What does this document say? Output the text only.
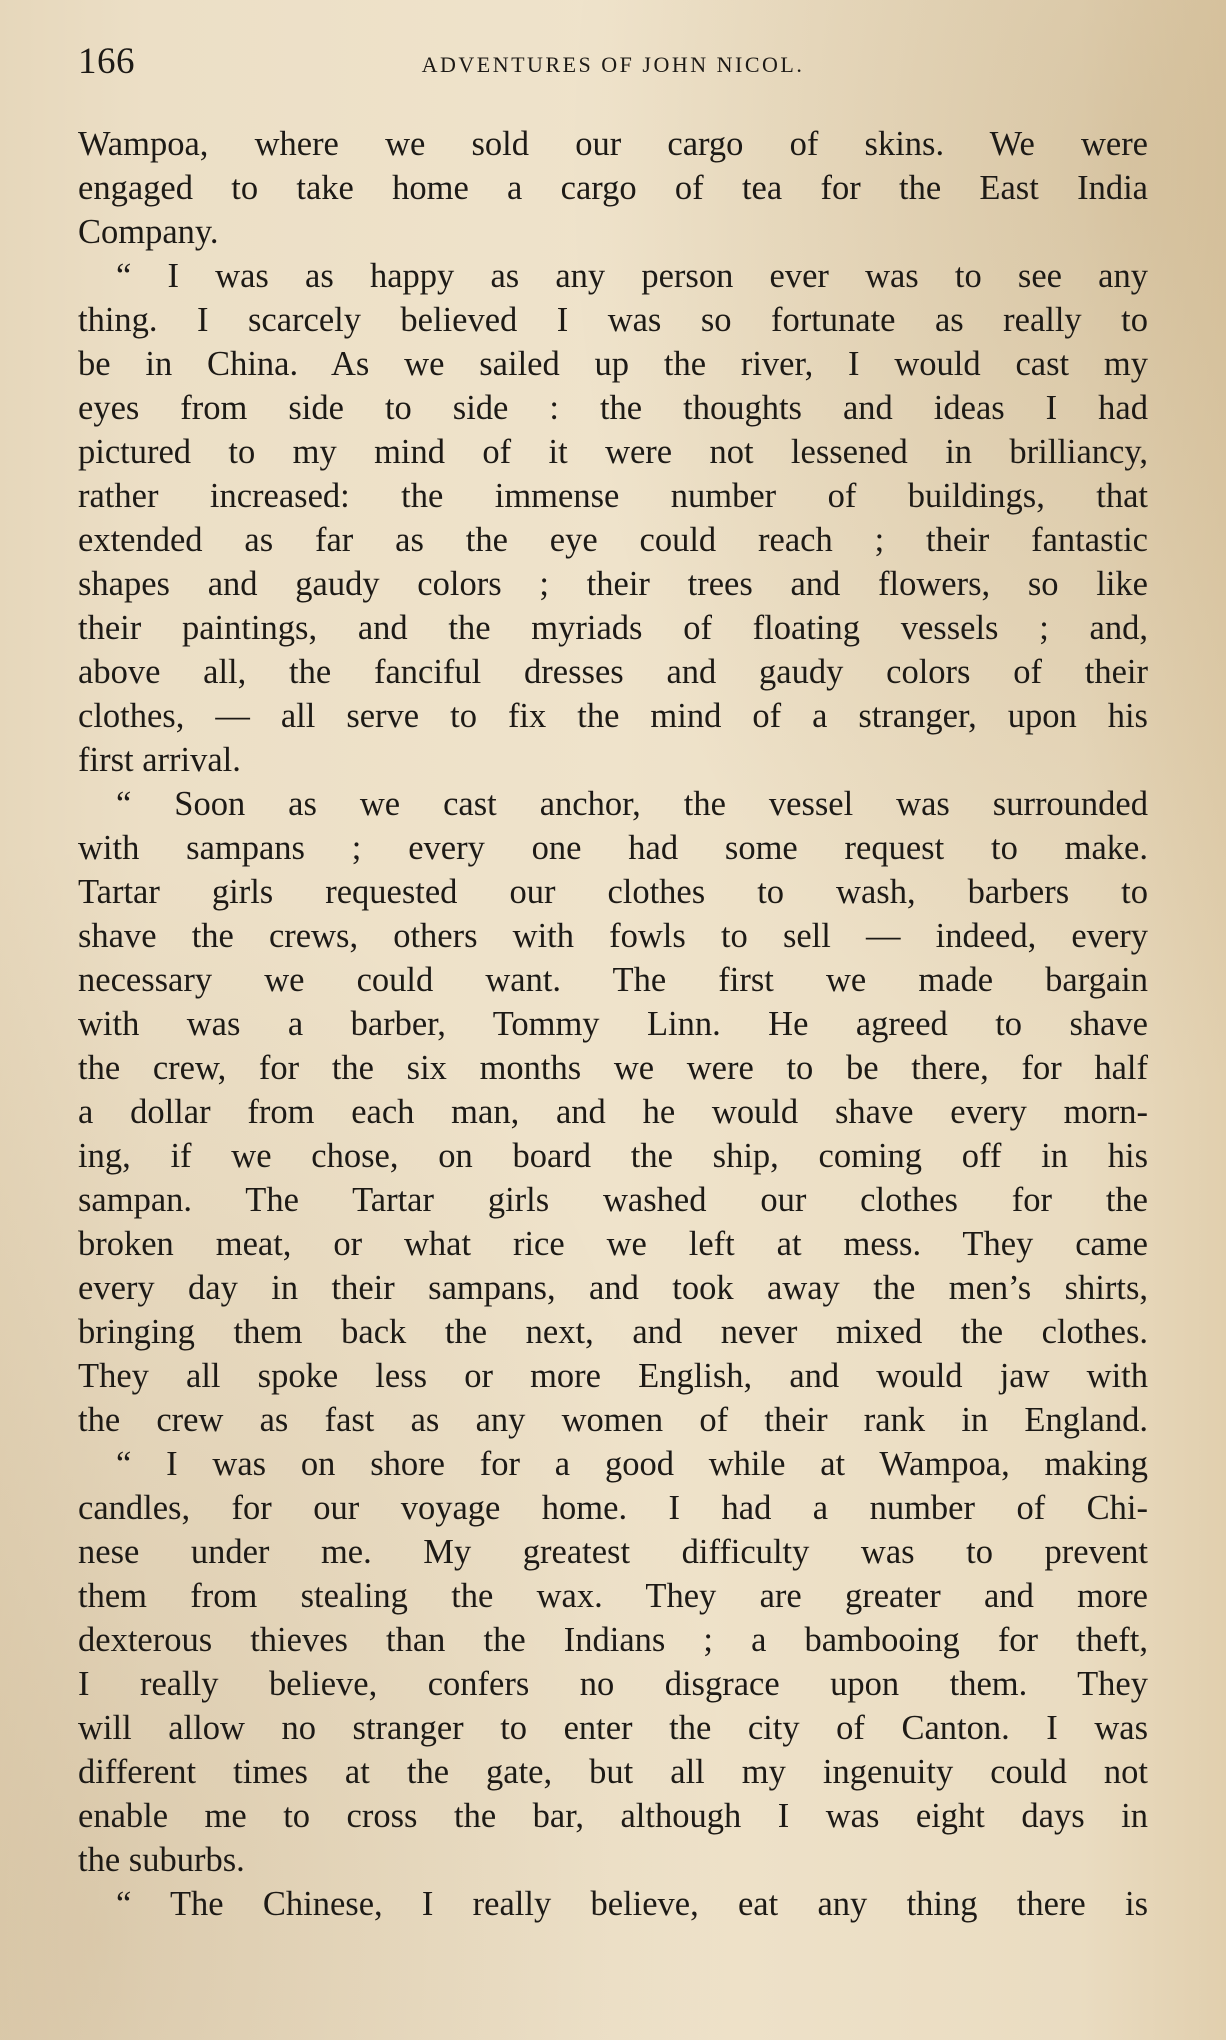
166	ADVENTURES OF JOHN NICOL.
Wampoa, where we sold our cargo of skins. We were
engaged to take home a cargo of tea for the East India
Company.
“ I was as happy as any person ever was to see any
thing. I scarcely believed I was so fortunate as really to
be in China. As we sailed up the river, I would cast my
eyes from side to side : the thoughts and ideas I had
pictured to my mind of it were not lessened in brilliancy,
rather increased: the immense number of buildings, that
extended as far as the eye could reach ; their fantastic
shapes and gaudy colors ; their trees and flowers, so like
their paintings, and the myriads of floating vessels ; and,
above all, the fanciful dresses and gaudy colors of their
clothes, — all serve to fix the mind of a stranger, upon his
first arrival.
“ Soon as we cast anchor, the vessel was surrounded
with sampans ; every one had some request to make.
Tartar girls requested our clothes to wash, barbers to
shave the crews, others with fowls to sell — indeed, every
necessary we could want. The first we made bargain
with was a barber, Tommy Linn. He agreed to shave
the crew, for the six months we were to be there, for half
a dollar from each man, and he would shave every morn-
ing, if we chose, on board the ship, coming off in his
sampan. The Tartar girls washed our clothes for the
broken meat, or what rice we left at mess. They came
every day in their sampans, and took away the men’s shirts,
bringing them back the next, and never mixed the clothes.
They all spoke less or more English, and would jaw with
the crew as fast as any women of their rank in England.
“ I was on shore for a good while at Wampoa, making
candles, for our voyage home. I had a number of Chi-
nese under me. My greatest difficulty was to prevent
them from stealing the wax. They are greater and more
dexterous thieves than the Indians ; a bambooing for theft,
I really believe, confers no disgrace upon them. They
will allow no stranger to enter the city of Canton. I was
different times at the gate, but all my ingenuity could not
enable me to cross the bar, although I was eight days in
the suburbs.
“ The Chinese, I really believe, eat any thing there is
